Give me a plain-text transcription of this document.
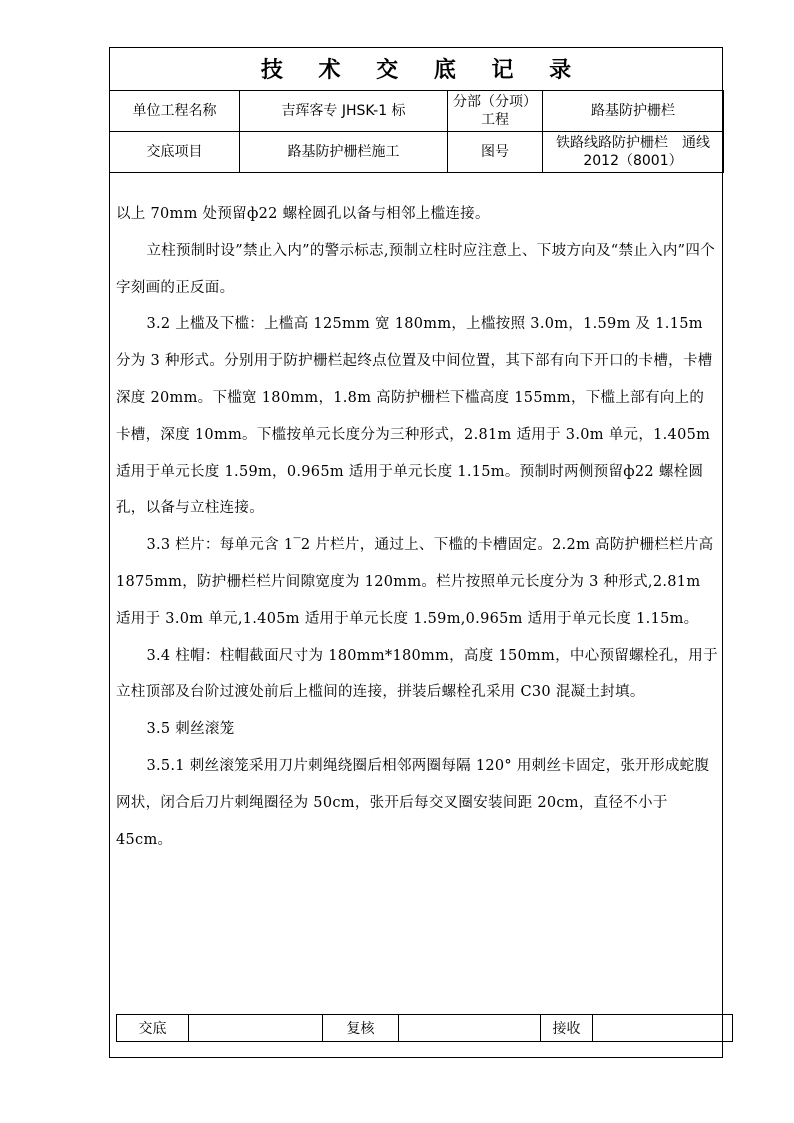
技 术 交 底 记 录
单位工程名称	吉珲客专 JHSK-1 标	分部（分项）工程	路基防护栅栏
交底项目	路基防护栅栏施工	图号	铁路线路防护栅栏　通线 2012（8001）

以上 70mm 处预留ф22 螺栓圆孔以备与相邻上槛连接。

立柱预制时设”禁止入内”的警示标志,预制立柱时应注意上、下坡方向及“禁止入内”四个字刻画的正反面。

3.2 上槛及下槛：上槛高 125mm 宽 180mm，上槛按照 3.0m，1.59m 及 1.15m 分为 3 种形式。分别用于防护栅栏起终点位置及中间位置，其下部有向下开口的卡槽，卡槽深度 20mm。下槛宽 180mm，1.8m 高防护栅栏下槛高度 155mm，下槛上部有向上的卡槽，深度 10mm。下槛按单元长度分为三种形式，2.81m 适用于 3.0m 单元，1.405m 适用于单元长度 1.59m，0.965m 适用于单元长度 1.15m。预制时两侧预留ф22 螺栓圆孔，以备与立柱连接。

3.3 栏片：每单元含 1‾2 片栏片，通过上、下槛的卡槽固定。2.2m 高防护栅栏栏片高 1875mm，防护栅栏栏片间隙宽度为 120mm。栏片按照单元长度分为 3 种形式,2.81m 适用于 3.0m 单元,1.405m 适用于单元长度 1.59m,0.965m 适用于单元长度 1.15m。

3.4 柱帽：柱帽截面尺寸为 180mm*180mm，高度 150mm，中心预留螺栓孔，用于立柱顶部及台阶过渡处前后上槛间的连接，拼装后螺栓孔采用 C30 混凝土封填。

3.5 刺丝滚笼

3.5.1 刺丝滚笼采用刀片刺绳绕圈后相邻两圈每隔 120° 用刺丝卡固定，张开形成蛇腹网状，闭合后刀片刺绳圈径为 50cm，张开后每交叉圈安装间距 20cm，直径不小于 45cm。

交底		复核		接收	
